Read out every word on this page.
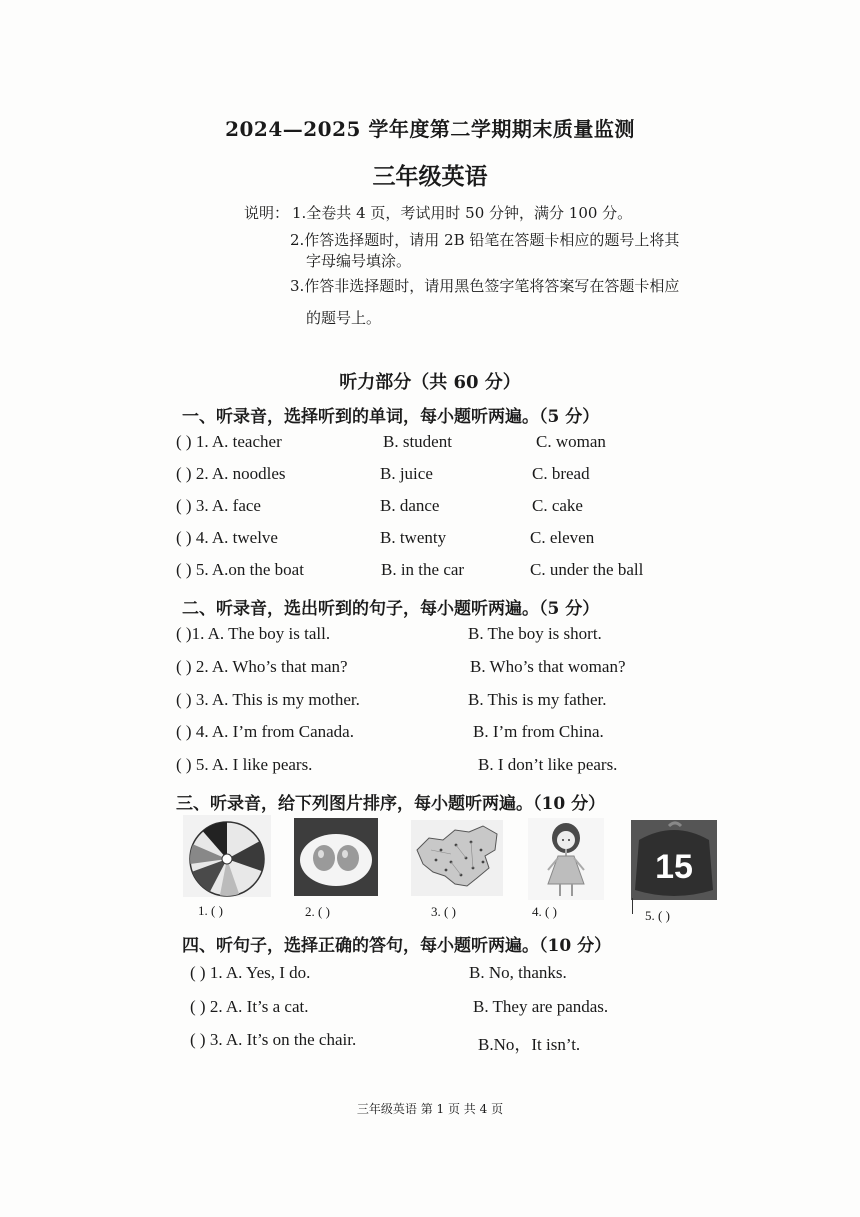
2024—2025 学年度第二学期期末质量监测
三年级英语
说明： 1.全卷共 4 页，考试用时 50 分钟，满分 100 分。
2.作答选择题时，请用 2B 铅笔在答题卡相应的题号上将其
字母编号填涂。
3.作答非选择题时，请用黑色签字笔将答案写在答题卡相应
的题号上。
听力部分（共 60 分）
一、听录音，选择听到的单词，每小题听两遍。（5 分）
( ) 1. A. teacher	B. student	C. woman
( ) 2. A. noodles	B. juice	C. bread
( ) 3. A. face	B. dance	C. cake
( ) 4. A. twelve	B. twenty	C. eleven
( ) 5. A.on the boat	B. in the car	C. under the ball
二、听录音，选出听到的句子，每小题听两遍。（5 分）
( )1. A. The boy is tall.	B. The boy is short.
( ) 2. A. Who’s that man?	B. Who’s that woman?
( ) 3. A. This is my mother.	B. This is my father.
( ) 4. A. I’m from Canada.	B. I’m from China.
( ) 5. A. I like pears.	B. I don’t like pears.
三、听录音，给下列图片排序，每小题听两遍。（10 分）
1. ( )	2. ( )	3. ( )	4. ( )
15
5. ( )
四、听句子，选择正确的答句，每小题听两遍。（10 分）
( ) 1. A. Yes, I do.	B. No, thanks.
( ) 2. A. It’s a cat.	B. They are pandas.
( ) 3. A. It’s on the chair.	B.No，It isn’t.
三年级英语 第 1 页 共 4 页
